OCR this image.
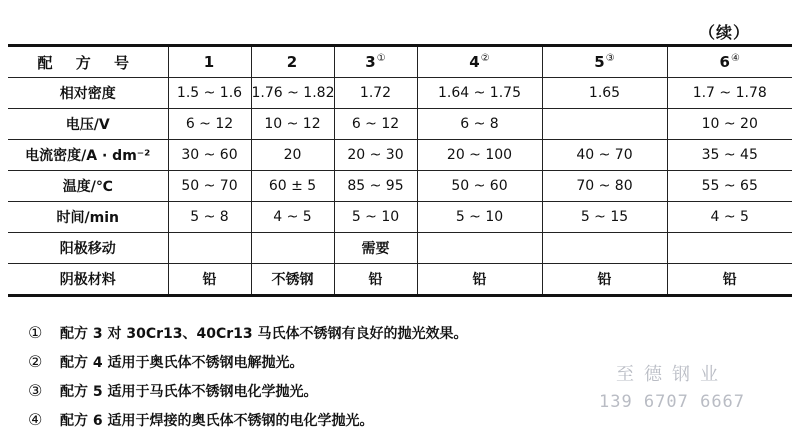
（续）
配 方 号	1	2	3①	4②	5③	6④
相对密度	1.5 ~ 1.6	1.76 ~ 1.82	1.72	1.64 ~ 1.75	1.65	1.7 ~ 1.78
电压/V	6 ~ 12	10 ~ 12	6 ~ 12	6 ~ 8		10 ~ 20
电流密度/A · dm⁻²	30 ~ 60	20	20 ~ 30	20 ~ 100	40 ~ 70	35 ~ 45
温度/℃	50 ~ 70	60 ± 5	85 ~ 95	50 ~ 60	70 ~ 80	55 ~ 65
时间/min	5 ~ 8	4 ~ 5	5 ~ 10	5 ~ 10	5 ~ 15	4 ~ 5
阳极移动			需要			
阴极材料	铅	不锈钢	铅	铅	铅	铅
①	配方 3 对 30Cr13、40Cr13 马氏体不锈钢有良好的抛光效果。
②	配方 4 适用于奥氏体不锈钢电解抛光。
③	配方 5 适用于马氏体不锈钢电化学抛光。
④	配方 6 适用于焊接的奥氏体不锈钢的电化学抛光。
至德钢业
139 6707 6667
